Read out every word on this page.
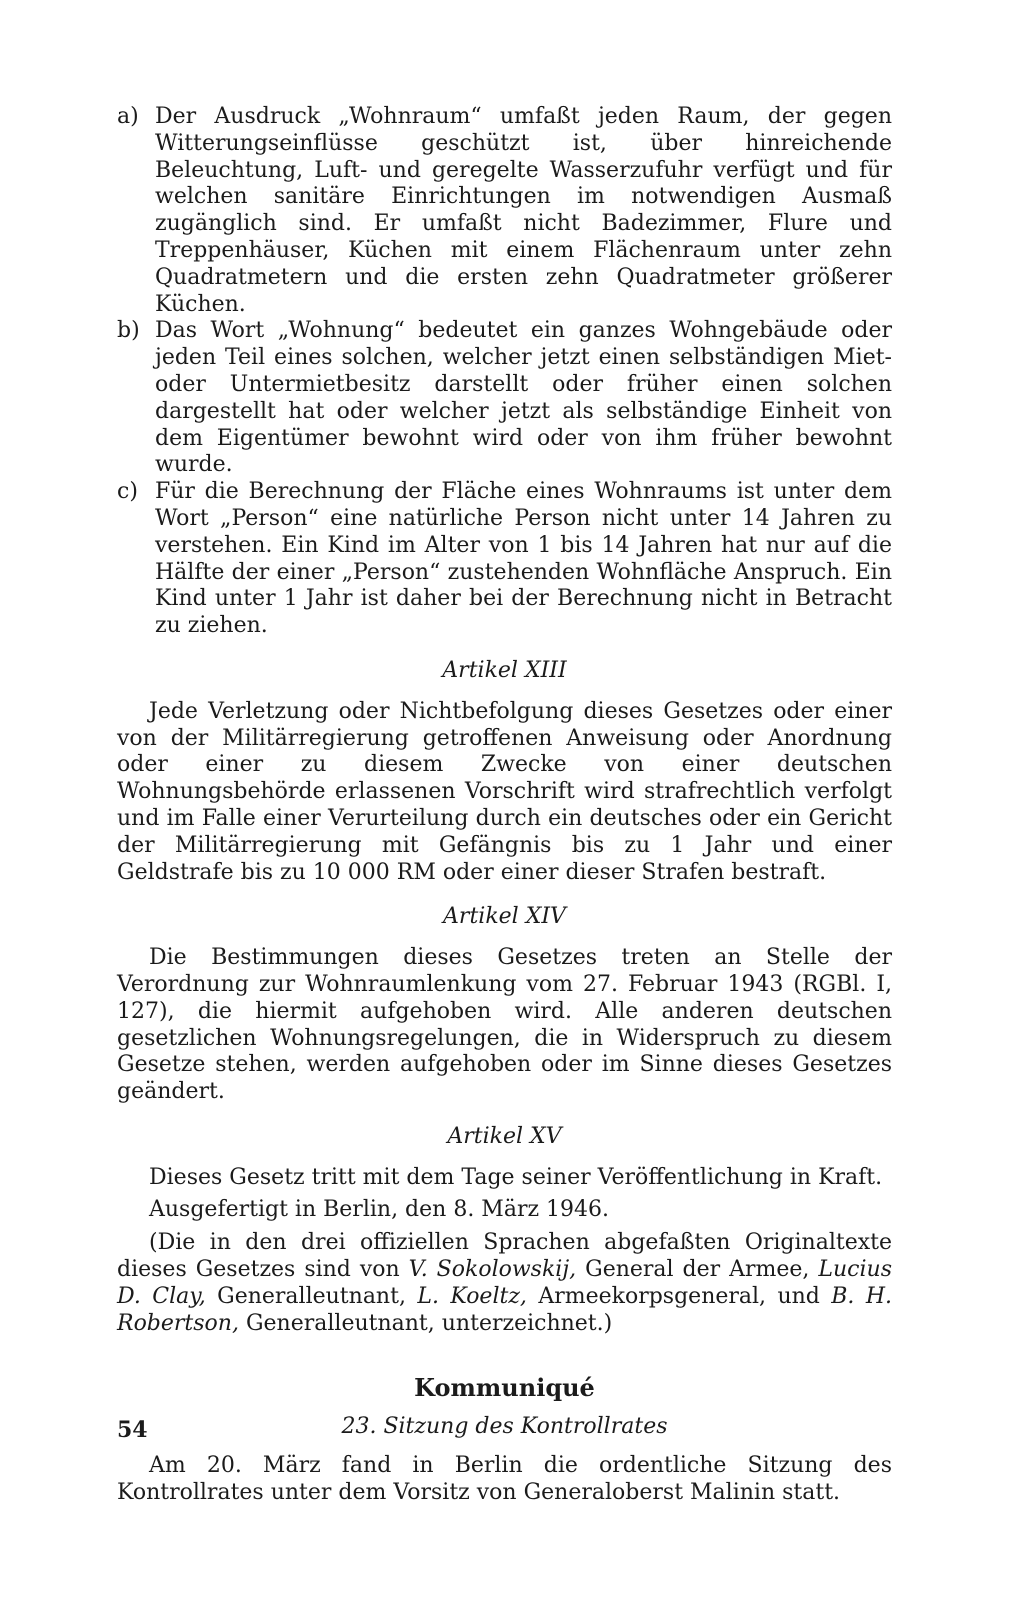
a) Der Ausdruck „Wohnraum“ umfaßt jeden Raum, der gegen Witterungseinflüsse geschützt ist, über hinreichende Beleuchtung, Luft- und geregelte Wasserzufuhr verfügt und für welchen sanitäre Einrichtungen im notwendigen Ausmaß zugänglich sind. Er umfaßt nicht Badezimmer, Flure und Treppenhäuser, Küchen mit einem Flächenraum unter zehn Quadratmetern und die ersten zehn Quadratmeter größerer Küchen.
b) Das Wort „Wohnung“ bedeutet ein ganzes Wohngebäude oder jeden Teil eines solchen, welcher jetzt einen selbständigen Miet- oder Untermietbesitz darstellt oder früher einen solchen dargestellt hat oder welcher jetzt als selbständige Einheit von dem Eigentümer bewohnt wird oder von ihm früher bewohnt wurde.
c) Für die Berechnung der Fläche eines Wohnraums ist unter dem Wort „Person“ eine natürliche Person nicht unter 14 Jahren zu verstehen. Ein Kind im Alter von 1 bis 14 Jahren hat nur auf die Hälfte der einer „Person“ zustehenden Wohnfläche Anspruch. Ein Kind unter 1 Jahr ist daher bei der Berechnung nicht in Betracht zu ziehen.

Artikel XIII

Jede Verletzung oder Nichtbefolgung dieses Gesetzes oder einer von der Militärregierung getroffenen Anweisung oder Anordnung oder einer zu diesem Zwecke von einer deutschen Wohnungsbehörde erlassenen Vorschrift wird strafrechtlich verfolgt und im Falle einer Verurteilung durch ein deutsches oder ein Gericht der Militärregierung mit Gefängnis bis zu 1 Jahr und einer Geldstrafe bis zu 10 000 RM oder einer dieser Strafen bestraft.

Artikel XIV

Die Bestimmungen dieses Gesetzes treten an Stelle der Verordnung zur Wohnraumlenkung vom 27. Februar 1943 (RGBl. I, 127), die hiermit aufgehoben wird. Alle anderen deutschen gesetzlichen Wohnungsregelungen, die in Widerspruch zu diesem Gesetze stehen, werden aufgehoben oder im Sinne dieses Gesetzes geändert.

Artikel XV

Dieses Gesetz tritt mit dem Tage seiner Veröffentlichung in Kraft.

Ausgefertigt in Berlin, den 8. März 1946.

(Die in den drei offiziellen Sprachen abgefaßten Originaltexte dieses Gesetzes sind von V. Sokolowskij, General der Armee, Lucius D. Clay, Generalleutnant, L. Koeltz, Armeekorpsgeneral, und B. H. Robertson, Generalleutnant, unterzeichnet.)

Kommuniqué

23. Sitzung des Kontrollrates

Am 20. März fand in Berlin die ordentliche Sitzung des Kontrollrates unter dem Vorsitz von Generaloberst Malinin statt.

54
